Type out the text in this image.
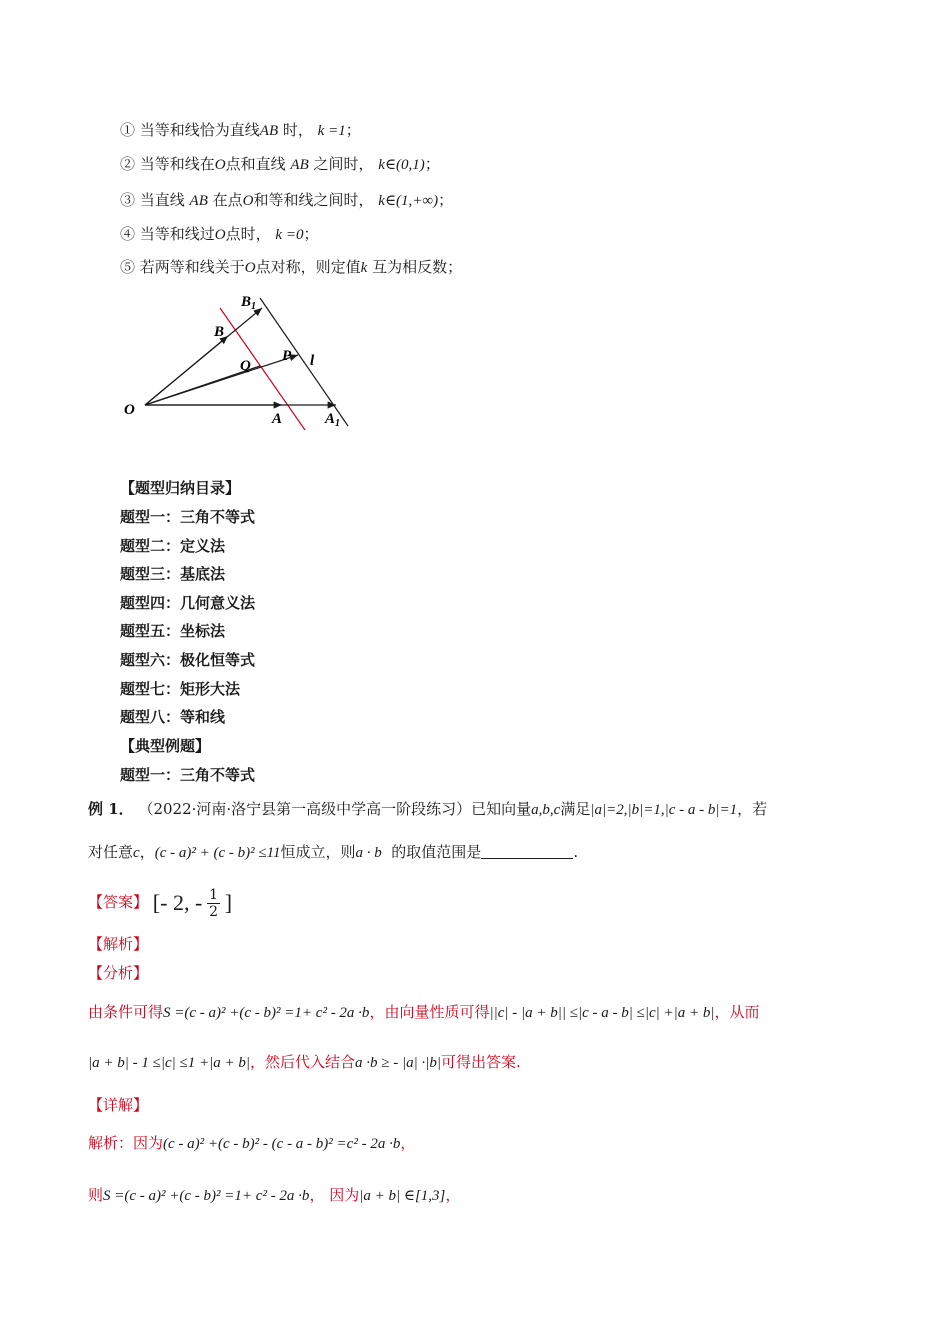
① 当等和线恰为直线AB 时， k =1；
② 当等和线在O点和直线 AB 之间时， k∈(0,1)；
③ 当直线 AB 在点O和等和线之间时， k∈(1,+∞)；
④ 当等和线过O点时， k =0；
⑤ 若两等和线关于O点对称，则定值k 互为相反数；
O
A	$A_1$
B
$B_1$
P
Q	l
【题型归纳目录】
题型一：三角不等式
题型二：定义法
题型三：基底法
题型四：几何意义法
题型五：坐标法
题型六：极化恒等式
题型七：矩形大法
题型八：等和线
【典型例题】
题型一：三角不等式
例 1． （2022·河南·洛宁县第一高级中学高一阶段练习）已知向量a,b,c满足|a|=2,|b|=1,|c - a - b|=1，若
对任意c，(c - a)² + (c - b)² ≤11恒成立，则a · b 的取值范围是	.
【答案】 [- 2, - $\frac{1}{2}$ ]
【解析】
【分析】
由条件可得S =(c - a)² +(c - b)² =1+ c² - 2a ·b，由向量性质可得||c| - |a + b|| ≤|c - a - b| ≤|c| +|a + b|，从而
|a + b| - 1 ≤|c| ≤1 +|a + b|，然后代入结合a ·b ≥ - |a| ·|b|可得出答案.
【详解】
解析：因为(c - a)² +(c - b)² - (c - a - b)² =c² - 2a ·b，
则S =(c - a)² +(c - b)² =1+ c² - 2a ·b， 因为|a + b| ∈[1,3]，
